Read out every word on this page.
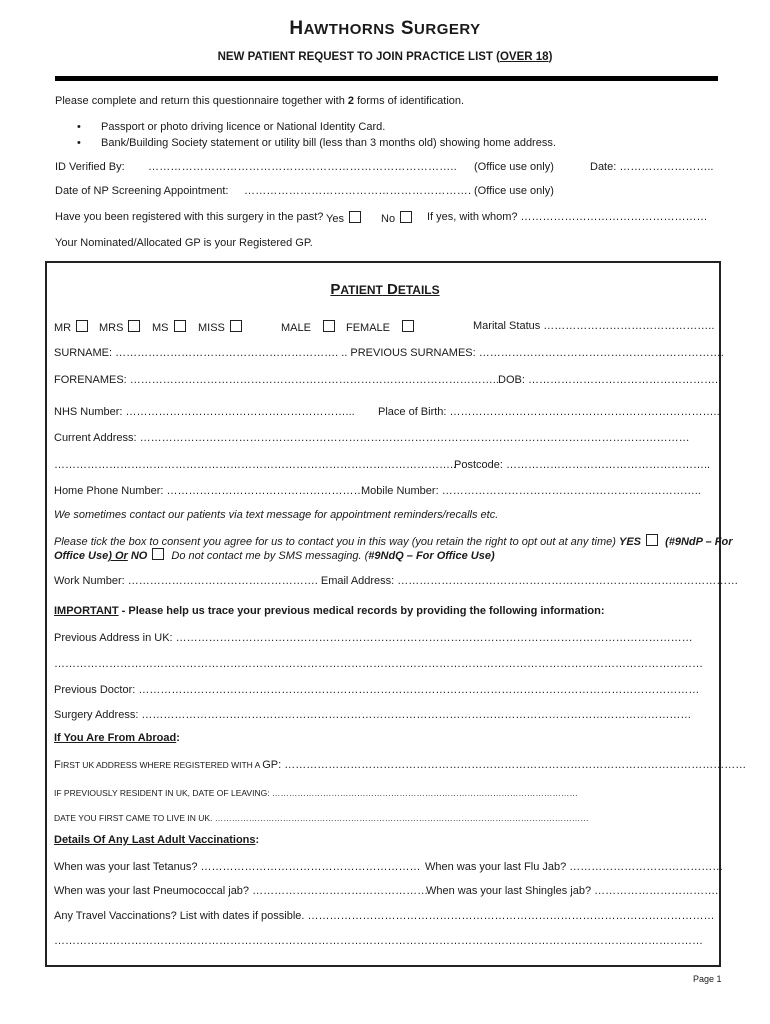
HAWTHORNS SURGERY
NEW PATIENT REQUEST TO JOIN PRACTICE LIST (OVER 18)
Please complete and return this questionnaire together with 2 forms of identification.
• Passport or photo driving licence or National Identity Card.
• Bank/Building Society statement or utility bill (less than 3 months old) showing home address.
ID Verified By: ……………………………………………………………………….. (Office use only)	Date: ……………………..
Date of NP Screening Appointment: ……………………………………………………. (Office use only)
Have you been registered with this surgery in the past? Yes	No	If yes, with whom? ……………………………………………
Your Nominated/Allocated GP is your Registered GP.
PATIENT DETAILS
MR	MRS	MS	MISS	MALE	FEMALE	Marital Status ………………………………………..
SURNAME: ……………………………………………………. .. PREVIOUS SURNAMES: ………………………………………………………….
FORENAMES: ……………………………………………………………………………………….. DOB: ……………………………………………..
NHS Number: ……………………………………………………... Place of Birth: ………………………………………………………………..
Current Address: ……………………………………………………………………………………………………………………………………
………………………………………………………………………………………………..
Postcode: ………………………………………………..
Home Phone Number: ………………………………………………
Mobile Number: ……………………………………………………………..
We sometimes contact our patients via text message for appointment reminders/recalls etc.
Please tick the box to consent you agree for us to contact you in this way (you retain the right to opt out at any time) YES (#9NdP – For
Office Use) Or NO Do not contact me by SMS messaging. (#9NdQ – For Office Use)
Work Number: ……………………………………………. Email Address: …………………………………………………………………………………
IMPORTANT - Please help us trace your previous medical records by providing the following information:
Previous Address in UK: ……………………………………………………………………………………………………………………………
……………………………………………………………………………………………………………………………………………………………
Previous Doctor: ………………………………………………………………………………………………………………………………………
Surgery Address: ……………………………………………………………………………………………………………………………………
If You Are From Abroad:
FIRST UK ADDRESS WHERE REGISTERED WITH A GP: ………………………………………………………………………………………………………………
IF PREVIOUSLY RESIDENT IN UK, DATE OF LEAVING: ………………………………………………………………………………………………
DATE YOU FIRST CAME TO LIVE IN UK. ……………………………………………………………………………………………………………………
Details Of Any Last Adult Vaccinations:
When was your last Tetanus? …………………………………………………… When was your last Flu Jab? ……………………………………
When was your last Pneumococcal jab? …………………………………………
When was your last Shingles jab? ……………………………..
Any Travel Vaccinations? List with dates if possible. …………………………………………………………………………………………………
……………………………………………………………………………………………………………………………………………………………
Page 1
